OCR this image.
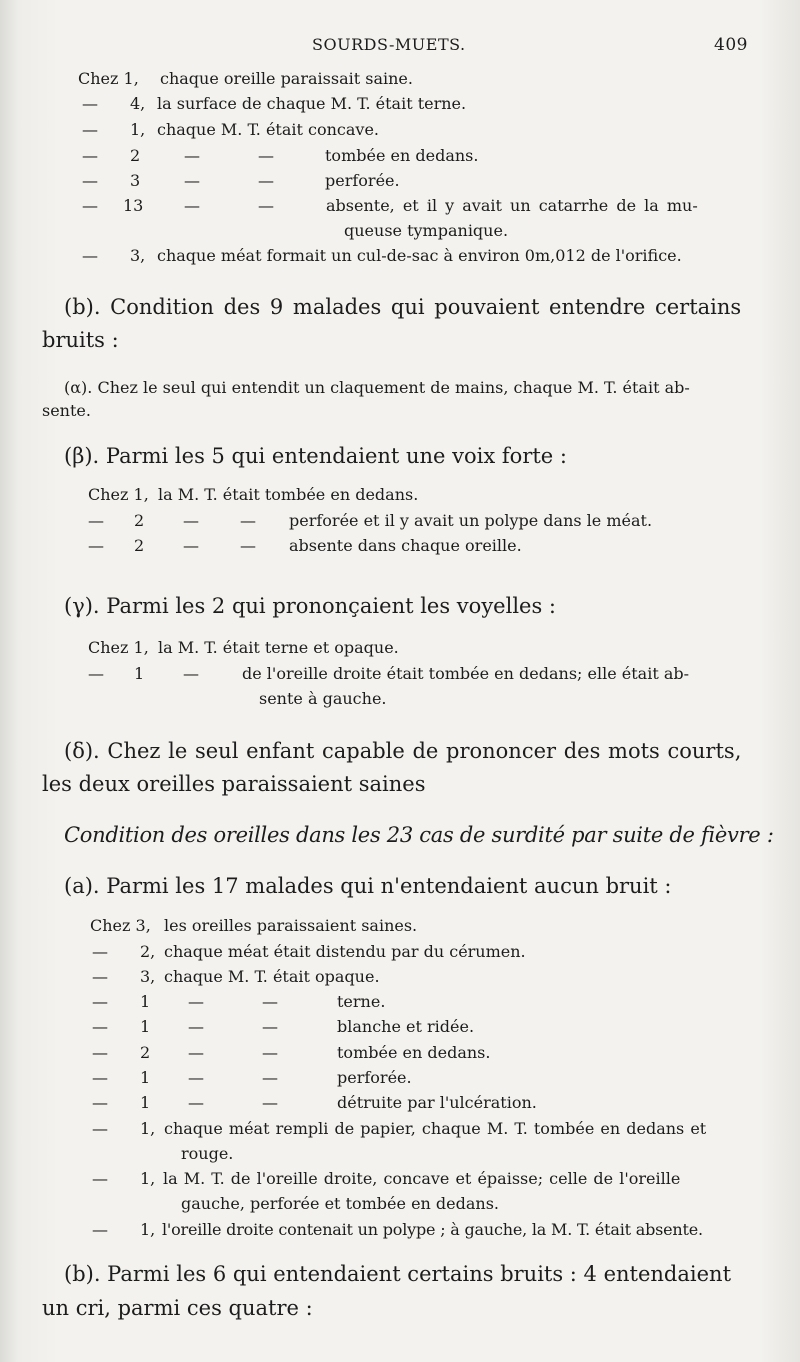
SOURDS-MUETS.	409
Chez 1, chaque oreille paraissait saine.
— 4, la surface de chaque M. T. était terne.
— 1, chaque M. T. était concave.
— 2	—	—	tombée en dedans.
— 3	—	—	perforée.
— 13	—	—	absente, et il y avait un catarrhe de la mu-
queuse tympanique.
— 3, chaque méat formait un cul-de-sac à environ 0m,012 de l'orifice.
(b). Condition des 9 malades qui pouvaient entendre certains
bruits :
(α). Chez le seul qui entendit un claquement de mains, chaque M. T. était ab-
sente.
(β). Parmi les 5 qui entendaient une voix forte :
Chez 1, la M. T. était tombée en dedans.
— 2 —	— perforée et il y avait un polype dans le méat.
— 2 —	— absente dans chaque oreille.
(γ). Parmi les 2 qui prononçaient les voyelles :
Chez 1, la M. T. était terne et opaque.
— 1 —	de l'oreille droite était tombée en dedans; elle était ab-
sente à gauche.
(δ). Chez le seul enfant capable de prononcer des mots courts,
les deux oreilles paraissaient saines
Condition des oreilles dans les 23 cas de surdité par suite de fièvre :
(a). Parmi les 17 malades qui n'entendaient aucun bruit :
Chez 3, les oreilles paraissaient saines.
— 2, chaque méat était distendu par du cérumen.
— 3, chaque M. T. était opaque.
— 1 —	—	terne.
— 1 —	—	blanche et ridée.
— 2 —	—	tombée en dedans.
— 1 —	—	perforée.
— 1 —	—	détruite par l'ulcération.
— 1, chaque méat rempli de papier, chaque M. T. tombée en dedans et
rouge.
— 1, la M. T. de l'oreille droite, concave et épaisse; celle de l'oreille
gauche, perforée et tombée en dedans.
— 1, l'oreille droite contenait un polype ; à gauche, la M. T. était absente.
(b). Parmi les 6 qui entendaient certains bruits : 4 entendaient
un cri, parmi ces quatre :
